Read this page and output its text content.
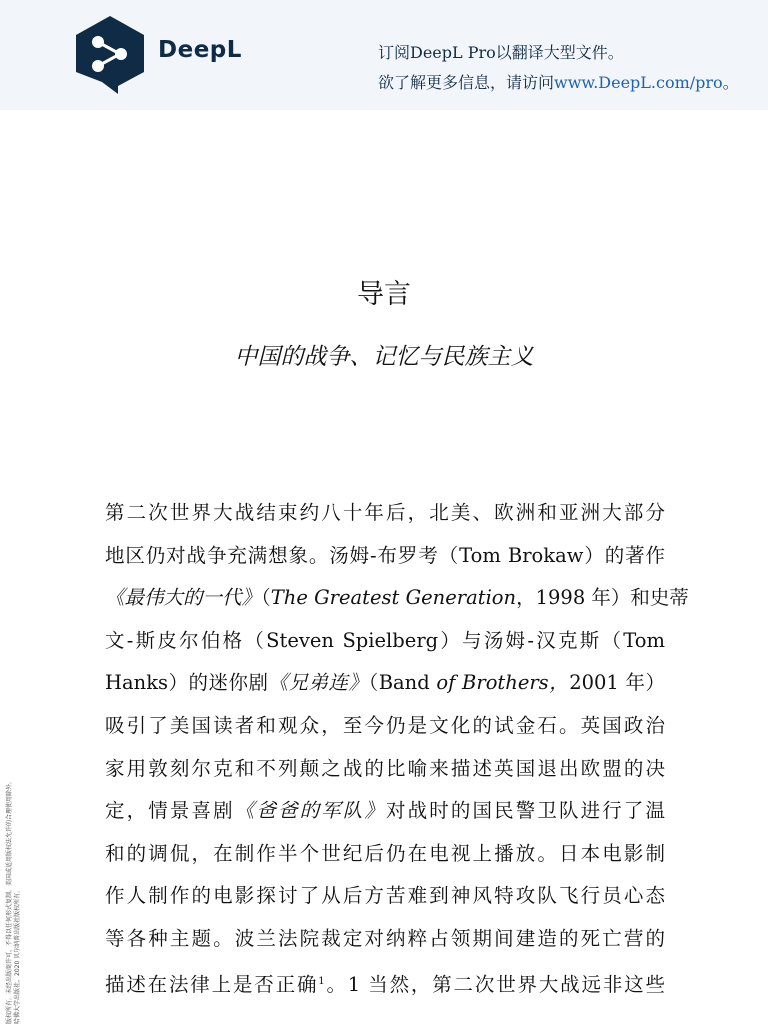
DeepL	订阅DeepL Pro以翻译大型文件。
欲了解更多信息，请访问www.DeepL.com/pro。
导言
中国的战争、记忆与民族主义
第二次世界大战结束约八十年后，北美、欧洲和亚洲大部分
地区仍对战争充满想象。汤姆-布罗考（Tom Brokaw）的著作
《最伟大的一代》（The Greatest Generation，1998 年）和史蒂
文-斯皮尔伯格（Steven Spielberg）与汤姆-汉克斯（Tom
Hanks）的迷你剧《兄弟连》（Band of Brothers，2001 年）
吸引了美国读者和观众，至今仍是文化的试金石。英国政治
家用敦刻尔克和不列颠之战的比喻来描述英国退出欧盟的决
定，情景喜剧《爸爸的军队》对战时的国民警卫队进行了温
和的调侃，在制作半个世纪后仍在电视上播放。日本电影制
作人制作的电影探讨了从后方苦难到神风特攻队飞行员心态
等各种主题。波兰法院裁定对纳粹占领期间建造的死亡营的
描述在法律上是否正确$^1$。1 当然，第二次世界大战远非这些
版权所有。未经出版商许可，不得以任何形式复制。美国或适用版权法允许的合理使用除外。 哈佛大学出版社，2020 贝尔纳普出版社版权所有。
